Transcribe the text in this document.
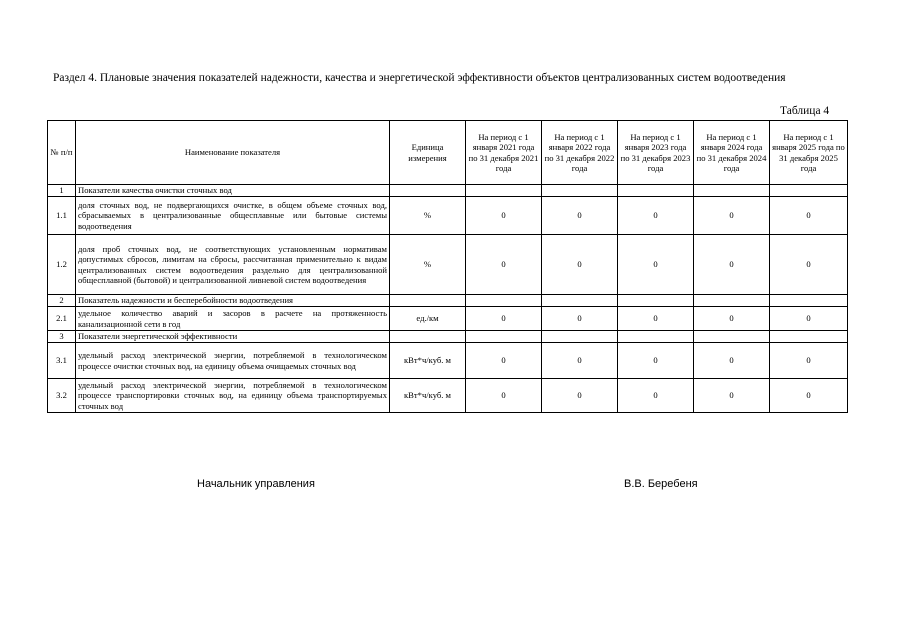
Раздел 4. Плановые значения показателей надежности, качества и энергетической эффективности объектов централизованных систем водоотведения
Таблица 4
№ п/п	Наименование показателя	Единица измерения	На период с 1 января 2021 года по 31 декабря 2021 года	На период с 1 января 2022 года по 31 декабря 2022 года	На период с 1 января 2023 года по 31 декабря 2023 года	На период с 1 января 2024 года по 31 декабря 2024 года	На период с 1 января 2025 года по 31 декабря 2025 года
1	Показатели качества очистки сточных вод						
1.1	доля сточных вод, не подвергающихся очистке, в общем объеме сточных вод, сбрасываемых в централизованные общесплавные или бытовые системы водоотведения	%	0	0	0	0	0
1.2	доля проб сточных вод, не соответствующих установленным нормативам допустимых сбросов, лимитам на сбросы, рассчитанная применительно к видам централизованных систем водоотведения раздельно для централизованной общесплавной (бытовой) и централизованной ливневой систем водоотведения	%	0	0	0	0	0
2	Показатель надежности и бесперебойности водоотведения						
2.1	удельное количество аварий и засоров в расчете на протяженность канализационной сети в год	ед./км	0	0	0	0	0
3	Показатели энергетической эффективности						
3.1	удельный расход электрической энергии, потребляемой в технологическом процессе очистки сточных вод, на единицу объема очищаемых сточных вод	кВт*ч/куб. м	0	0	0	0	0
3.2	удельный расход электрической энергии, потребляемой в технологическом процессе транспортировки сточных вод, на единицу объема транспортируемых сточных вод	кВт*ч/куб. м	0	0	0	0	0
Начальник управления	В.В. Беребеня
